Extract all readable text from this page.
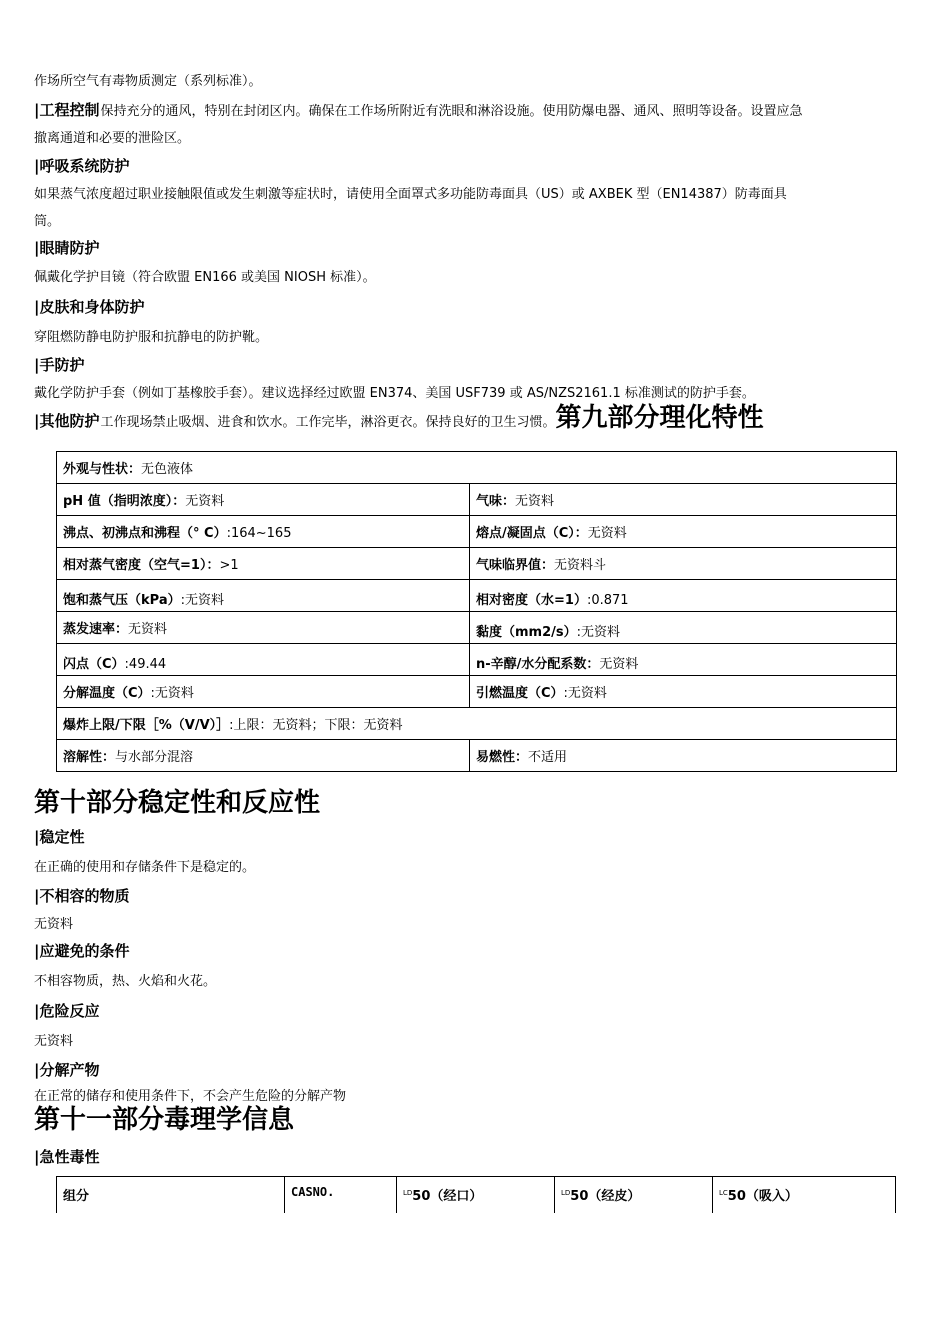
作场所空气有毒物质测定（系列标准）。
|工程控制保持充分的通风，特别在封闭区内。确保在工作场所附近有洗眼和淋浴设施。使用防爆电器、通风、照明等设备。设置应急
撤离通道和必要的泄险区。
|呼吸系统防护
如果蒸气浓度超过职业接触限值或发生刺激等症状时，请使用全面罩式多功能防毒面具（US）或 AXBEK 型（EN14387）防毒面具
筒。
|眼睛防护
佩戴化学护目镜（符合欧盟 EN166 或美国 NIOSH 标准）。
|皮肤和身体防护
穿阻燃防静电防护服和抗静电的防护靴。
|手防护
戴化学防护手套（例如丁基橡胶手套）。建议选择经过欧盟 EN374、美国 USF739 或 AS/NZS2161.1 标准测试的防护手套。
|其他防护工作现场禁止吸烟、进食和饮水。工作完毕，淋浴更衣。保持良好的卫生习惯。第九部分理化特性
外观与性状：无色液体	
pH 值（指明浓度）：无资料	气味：无资料
沸点、初沸点和沸程（° C）:164~165	熔点/凝固点（C）：无资料
相对蒸气密度（空气=1）：>1	气味临界值：无资料斗
饱和蒸气压（kPa）:无资料	相对密度（水=1）:0.871
蒸发速率：无资料	黏度（mm2/s）:无资料
闪点（C）:49.44	n-辛醇/水分配系数：无资料
分解温度（C）:无资料	引燃温度（C）:无资料
爆炸上限/下限［%（V/V）］:上限：无资料；下限：无资料	
溶解性：与水部分混溶	易燃性：不适用
第十部分稳定性和反应性
|稳定性
在正确的使用和存储条件下是稳定的。
|不相容的物质
无资料
|应避免的条件
不相容物质，热、火焰和火花。
|危险反应
无资料
|分解产物
在正常的储存和使用条件下，不会产生危险的分解产物
第十一部分毒理学信息
|急性毒性
组分	CASNO.	$^{LD}$50（经口）	$^{LD}$50（经皮）	$^{LC}$50（吸入）
